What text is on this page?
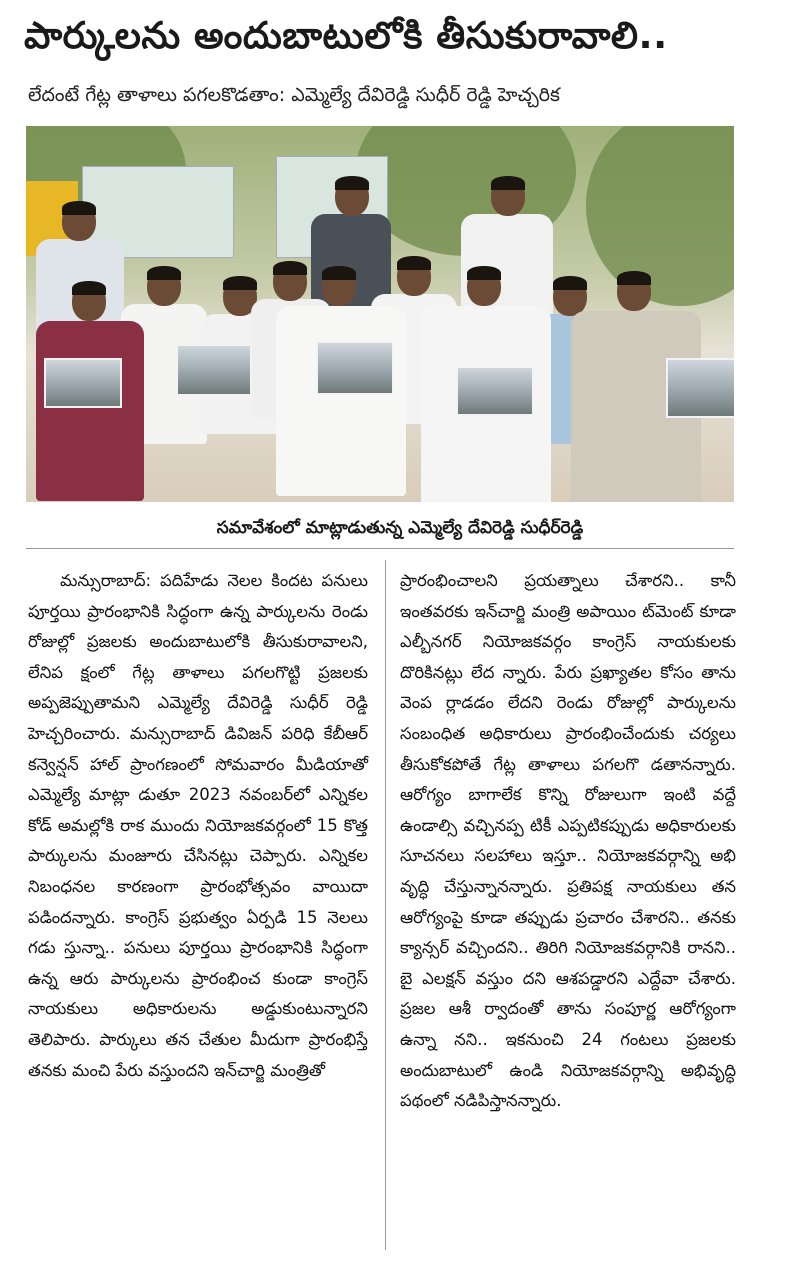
పార్కులను అందుబాటులోకి తీసుకురావాలి..
లేదంటే గేట్ల తాళాలు పగలకొడతాం: ఎమ్మెల్యే దేవిరెడ్డి సుధీర్ రెడ్డి హెచ్చరిక
సమావేశంలో మాట్లాడుతున్న ఎమ్మెల్యే దేవిరెడ్డి సుధీర్‌రెడ్డి

మన్సురాబాద్: పదిహేడు నెలల కిందట పనులు పూర్తయి ప్రారంభానికి సిద్ధంగా ఉన్న పార్కులను రెండు రోజుల్లో ప్రజలకు అందుబాటులోకి తీసుకురావాలని, లేనిప క్షంలో గేట్ల తాళాలు పగలగొట్టి ప్రజలకు అప్పజెప్పుతామని ఎమ్మెల్యే దేవిరెడ్డి సుధీర్ రెడ్డి హెచ్చరించారు. మన్సురాబాద్ డివిజన్ పరిధి కేబీఆర్ కన్వెన్షన్ హాల్ ప్రాంగణంలో సోమవారం మీడియాతో ఎమ్మెల్యే మాట్లా డుతూ 2023 నవంబర్‌లో ఎన్నికల కోడ్ అమల్లోకి రాక ముందు నియోజకవర్గంలో 15 కొత్త పార్కులను మంజూరు చేసినట్లు చెప్పారు. ఎన్నికల నిబంధనల కారణంగా ప్రారంభోత్సవం వాయిదా పడిందన్నారు. కాంగ్రెస్ ప్రభుత్వం ఏర్పడి 15 నెలలు గడు స్తున్నా.. పనులు పూర్తయి ప్రారంభానికి సిద్ధంగా ఉన్న ఆరు పార్కులను ప్రారంభించ కుండా కాంగ్రెస్ నాయకులు అధికారులను అడ్డుకుంటున్నారని తెలిపారు. పార్కులు తన చేతుల మీదుగా ప్రారంభిస్తే తనకు మంచి పేరు వస్తుందని ఇన్‌చార్జి మంత్రితో

ప్రారంభించాలని ప్రయత్నాలు చేశారని.. కానీ ఇంతవరకు ఇన్‌చార్జి మంత్రి అపాయిం ట్‌మెంట్ కూడా ఎల్బీనగర్ నియోజకవర్గం కాంగ్రెస్ నాయకులకు దొరికినట్లు లేద న్నారు. పేరు ప్రఖ్యాతల కోసం తాను వెంప ర్లాడడం లేదని రెండు రోజుల్లో పార్కులను సంబంధిత అధికారులు ప్రారంభించేందుకు చర్యలు తీసుకోకపోతే గేట్ల తాళాలు పగలగొ డతానన్నారు. ఆరోగ్యం బాగాలేక కొన్ని రోజులుగా ఇంటి వద్దే ఉండాల్సి వచ్చినప్ప టికీ ఎప్పటికప్పుడు అధికారులకు సూచనలు సలహాలు ఇస్తూ.. నియోజకవర్గాన్ని అభి వృద్ధి చేస్తున్నానన్నారు. ప్రతిపక్ష నాయకులు తన ఆరోగ్యంపై కూడా తప్పుడు ప్రచారం చేశారని.. తనకు క్యాన్సర్ వచ్చిందని.. తిరిగి నియోజకవర్గానికి రానని.. బై ఎలక్షన్ వస్తుం దని ఆశపడ్డారని ఎద్దేవా చేశారు. ప్రజల ఆశీ ర్వాదంతో తాను సంపూర్ణ ఆరోగ్యంగా ఉన్నా నని.. ఇకనుంచి 24 గంటలు ప్రజలకు అందుబాటులో ఉండి నియోజకవర్గాన్ని అభివృద్ధి పథంలో నడిపిస్తానన్నారు.
